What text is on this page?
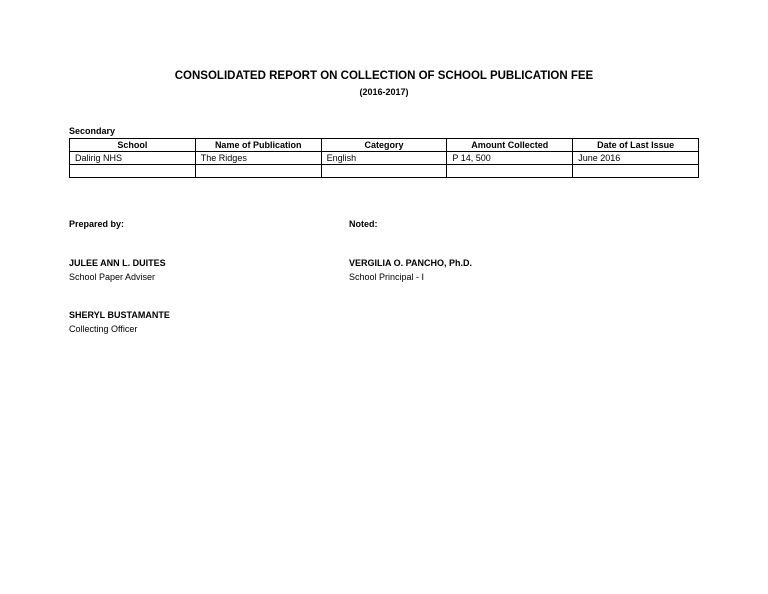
CONSOLIDATED REPORT ON COLLECTION OF SCHOOL PUBLICATION FEE
(2016-2017)
Secondary
School	Name of Publication	Category	Amount Collected	Date of Last Issue
Dalirig NHS	The Ridges	English	P 14, 500	June 2016

Prepared by:	Noted:
JULEE ANN L. DUITES
School Paper Adviser
VERGILIA O. PANCHO, Ph.D.
School Principal - I
SHERYL BUSTAMANTE
Collecting Officer
